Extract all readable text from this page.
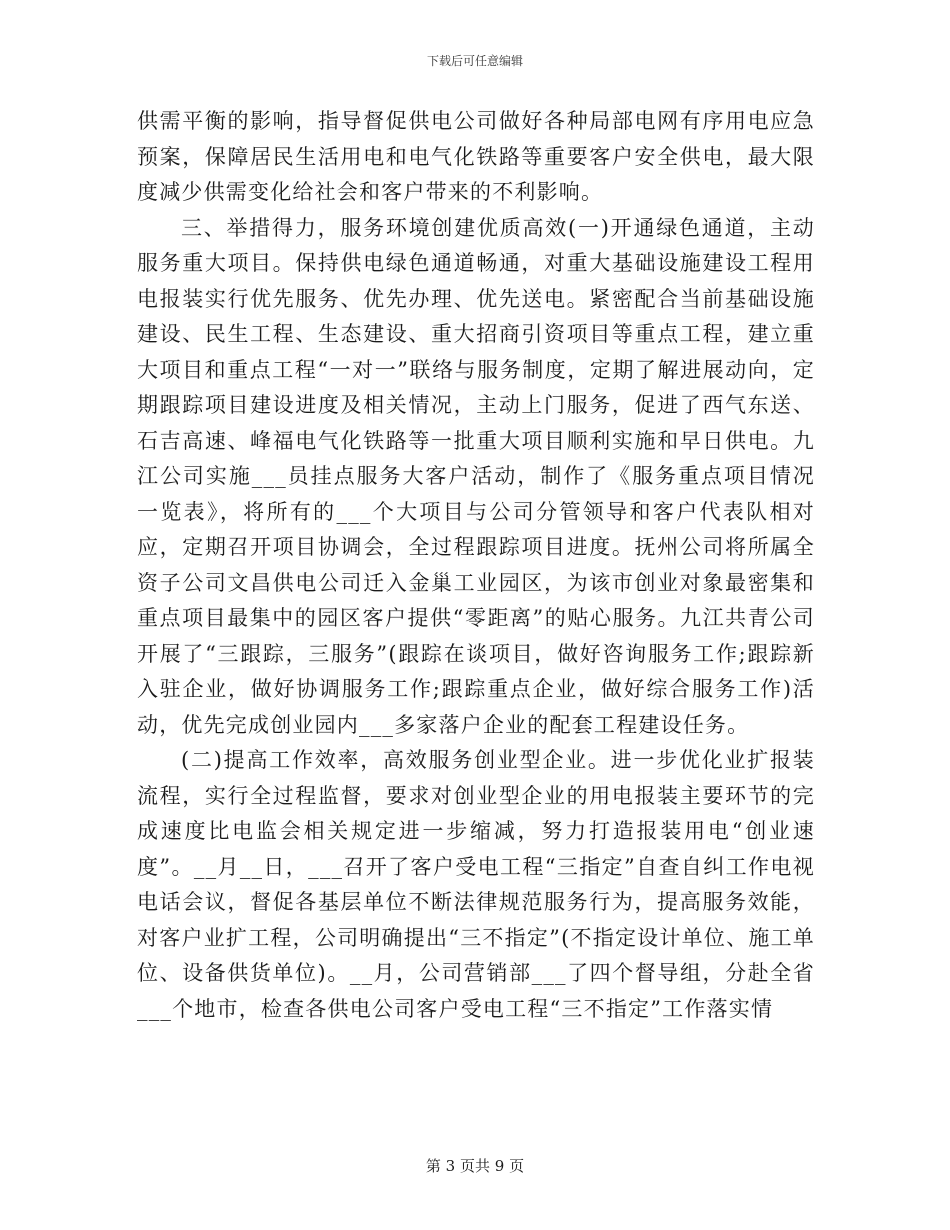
下载后可任意编辑

供需平衡的影响，指导督促供电公司做好各种局部电网有序用电应急预案，保障居民生活用电和电气化铁路等重要客户安全供电，最大限度减少供需变化给社会和客户带来的不利影响。

三、举措得力，服务环境创建优质高效(一)开通绿色通道，主动服务重大项目。保持供电绿色通道畅通，对重大基础设施建设工程用电报装实行优先服务、优先办理、优先送电。紧密配合当前基础设施建设、民生工程、生态建设、重大招商引资项目等重点工程，建立重大项目和重点工程“一对一”联络与服务制度，定期了解进展动向，定期跟踪项目建设进度及相关情况，主动上门服务，促进了西气东送、石吉高速、峰福电气化铁路等一批重大项目顺利实施和早日供电。九江公司实施___员挂点服务大客户活动，制作了《服务重点项目情况一览表》，将所有的___个大项目与公司分管领导和客户代表队相对应，定期召开项目协调会，全过程跟踪项目进度。抚州公司将所属全资子公司文昌供电公司迁入金巢工业园区，为该市创业对象最密集和重点项目最集中的园区客户提供“零距离”的贴心服务。九江共青公司开展了“三跟踪，三服务”(跟踪在谈项目，做好咨询服务工作;跟踪新入驻企业，做好协调服务工作;跟踪重点企业，做好综合服务工作)活动，优先完成创业园内___多家落户企业的配套工程建设任务。

(二)提高工作效率，高效服务创业型企业。进一步优化业扩报装流程，实行全过程监督，要求对创业型企业的用电报装主要环节的完成速度比电监会相关规定进一步缩减，努力打造报装用电“创业速度”。__月__日，___召开了客户受电工程“三指定”自查自纠工作电视电话会议，督促各基层单位不断法律规范服务行为，提高服务效能，对客户业扩工程，公司明确提出“三不指定”(不指定设计单位、施工单位、设备供货单位)。__月，公司营销部___了四个督导组，分赴全省___个地市，检查各供电公司客户受电工程“三不指定”工作落实情

第 3 页共 9 页
